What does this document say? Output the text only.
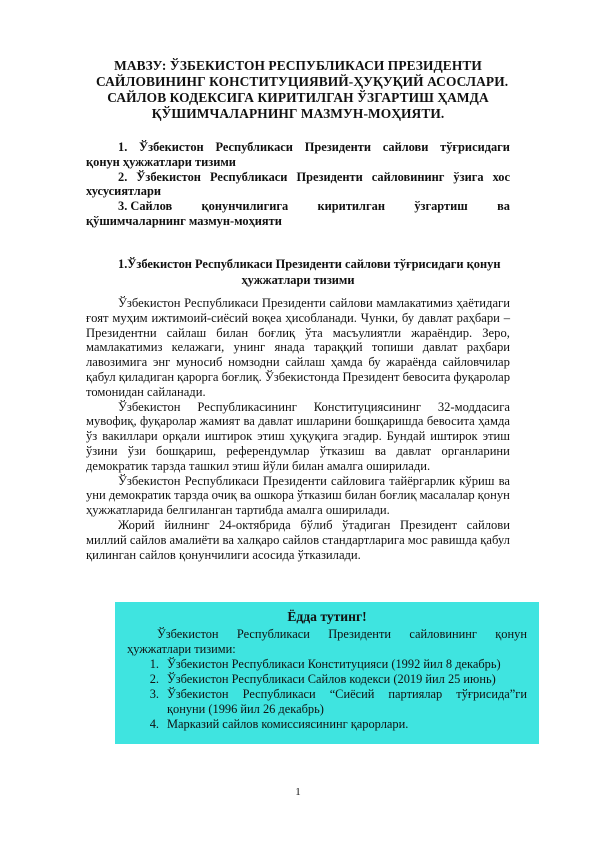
МАВЗУ: ЎЗБЕКИСТОН РЕСПУБЛИКАСИ ПРЕЗИДЕНТИ
САЙЛОВИНИНГ КОНСТИТУЦИЯВИЙ-ҲУҚУҚИЙ АСОСЛАРИ.
САЙЛОВ КОДЕКСИГА КИРИТИЛГАН ЎЗГАРТИШ ҲАМДА
ҚЎШИМЧАЛАРНИНГ МАЗМУН-МОҲИЯТИ.
1. Ўзбекистон Республикаси Президенти сайлови тўғрисидаги
қонун ҳужжатлари тизими
2. Ўзбекистон Республикаси Президенти сайловининг ўзига хос
хусусиятлари
3. Сайлов қонунчилигига киритилган ўзгартиш ва
қўшимчаларнинг мазмун-моҳияти
1.Ўзбекистон Республикаси Президенти сайлови тўғрисидаги қонун
ҳужжатлари тизими
Ўзбекистон Республикаси Президенти сайлови мамлакатимиз ҳаётидаги
ғоят муҳим ижтимоий-сиёсий воқеа ҳисобланади. Чунки, бу давлат раҳбари –
Президентни сайлаш билан боғлиқ ўта масъулиятли жараёндир. Зеро,
мамлакатимиз келажаги, унинг янада тараққий топиши давлат раҳбари
лавозимига энг муносиб номзодни сайлаш ҳамда бу жараёнда сайловчилар
қабул қиладиган қарорга боғлиқ. Ўзбекистонда Президент бевосита фуқаролар
томонидан сайланади.
Ўзбекистон Республикасининг Конституциясининг 32-моддасига
мувофиқ, фуқаролар жамият ва давлат ишларини бошқаришда бевосита ҳамда
ўз вакиллари орқали иштирок этиш ҳуқуқига эгадир. Бундай иштирок этиш
ўзини ўзи бошқариш, референдумлар ўтказиш ва давлат органларини
демократик тарзда ташкил этиш йўли билан амалга оширилади.
Ўзбекистон Республикаси Президенти сайловига тайёргарлик кўриш ва
уни демократик тарзда очиқ ва ошкора ўтказиш билан боғлиқ масалалар қонун
ҳужжатларида белгиланган тартибда амалга оширилади.
Жорий йилнинг 24-октябрида бўлиб ўтадиган Президент сайлови
миллий сайлов амалиёти ва халқаро сайлов стандартларига мос равишда қабул
қилинган сайлов қонунчилиги асосида ўтказилади.
Ёдда тутинг!
Ўзбекистон Республикаси Президенти сайловининг қонун
ҳужжатлари тизими:
1. Ўзбекистон Республикаси Конституцияси (1992 йил 8 декабрь)
2. Ўзбекистон Республикаси Сайлов кодекси (2019 йил 25 июнь)
3. Ўзбекистон Республикаси “Сиёсий партиялар тўғрисида”ги
қонуни (1996 йил 26 декабрь)
4. Марказий сайлов комиссиясининг қарорлари.
1
